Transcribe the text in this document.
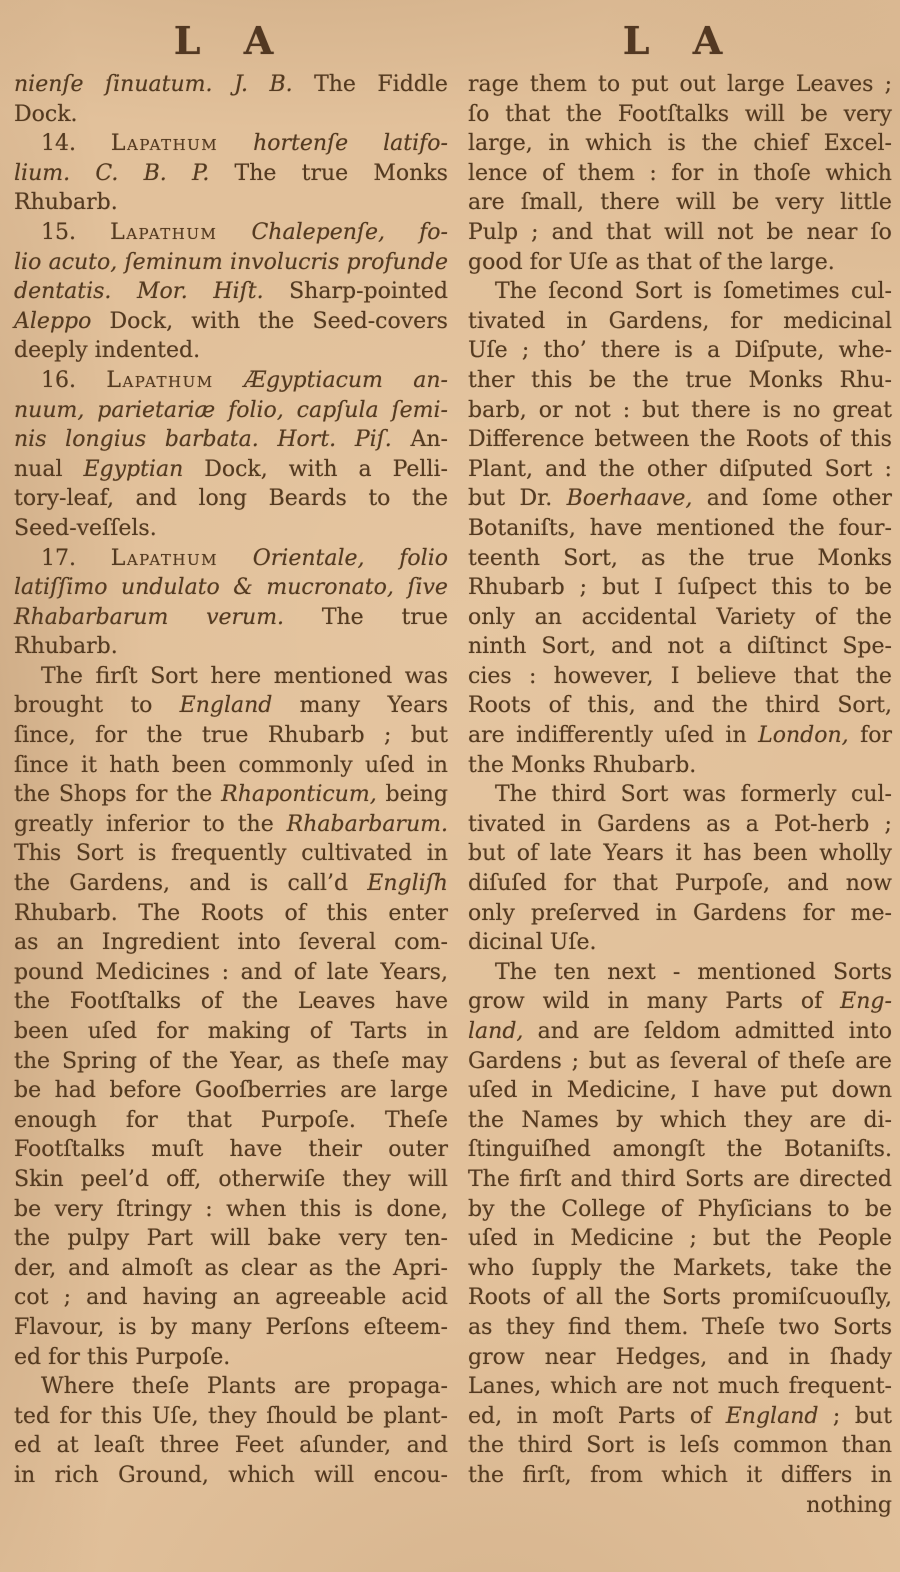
L A	L A
nienſe ſinuatum. J. B. The Fiddle
Dock.
14. Lapathum hortenſe latifo-
lium. C. B. P. The true Monks
Rhubarb.
15. Lapathum Chalepenſe, fo-
lio acuto, ſeminum involucris profunde
dentatis. Mor. Hiſt. Sharp-pointed
Aleppo Dock, with the Seed-covers
deeply indented.
16. Lapathum Ægyptiacum an-
nuum, parietariæ folio, capſula ſemi-
nis longius barbata. Hort. Piſ. An-
nual Egyptian Dock, with a Pelli-
tory-leaf, and long Beards to the
Seed-veſſels.
17. Lapathum Orientale, folio
latiſſimo undulato & mucronato, ſive
Rhabarbarum verum. The true
Rhubarb.
The firſt Sort here mentioned was
brought to England many Years
ſince, for the true Rhubarb ; but
ſince it hath been commonly uſed in
the Shops for the Rhaponticum, being
greatly inferior to the Rhabarbarum.
This Sort is frequently cultivated in
the Gardens, and is call’d Engliſh
Rhubarb. The Roots of this enter
as an Ingredient into ſeveral com-
pound Medicines : and of late Years,
the Footſtalks of the Leaves have
been uſed for making of Tarts in
the Spring of the Year, as theſe may
be had before Gooſberries are large
enough for that Purpoſe. Theſe
Footſtalks muſt have their outer
Skin peel’d off, otherwiſe they will
be very ſtringy : when this is done,
the pulpy Part will bake very ten-
der, and almoſt as clear as the Apri-
cot ; and having an agreeable acid
Flavour, is by many Perſons eſteem-
ed for this Purpoſe.
Where theſe Plants are propaga-
ted for this Uſe, they ſhould be plant-
ed at leaſt three Feet aſunder, and
in rich Ground, which will encou-
rage them to put out large Leaves ;
ſo that the Footſtalks will be very
large, in which is the chief Excel-
lence of them : for in thoſe which
are ſmall, there will be very little
Pulp ; and that will not be near ſo
good for Uſe as that of the large.
The ſecond Sort is ſometimes cul-
tivated in Gardens, for medicinal
Uſe ; tho’ there is a Diſpute, whe-
ther this be the true Monks Rhu-
barb, or not : but there is no great
Difference between the Roots of this
Plant, and the other diſputed Sort :
but Dr. Boerhaave, and ſome other
Botaniſts, have mentioned the four-
teenth Sort, as the true Monks
Rhubarb ; but I ſuſpect this to be
only an accidental Variety of the
ninth Sort, and not a diſtinct Spe-
cies : however, I believe that the
Roots of this, and the third Sort,
are indifferently uſed in London, for
the Monks Rhubarb.
The third Sort was formerly cul-
tivated in Gardens as a Pot-herb ;
but of late Years it has been wholly
diſuſed for that Purpoſe, and now
only preſerved in Gardens for me-
dicinal Uſe.
The ten next - mentioned Sorts
grow wild in many Parts of Eng-
land, and are ſeldom admitted into
Gardens ; but as ſeveral of theſe are
uſed in Medicine, I have put down
the Names by which they are di-
ſtinguiſhed amongſt the Botaniſts.
The firſt and third Sorts are directed
by the College of Phyſicians to be
uſed in Medicine ; but the People
who ſupply the Markets, take the
Roots of all the Sorts promiſcuouſly,
as they find them. Theſe two Sorts
grow near Hedges, and in ſhady
Lanes, which are not much frequent-
ed, in moſt Parts of England ; but
the third Sort is leſs common than
the firſt, from which it differs in
nothing
